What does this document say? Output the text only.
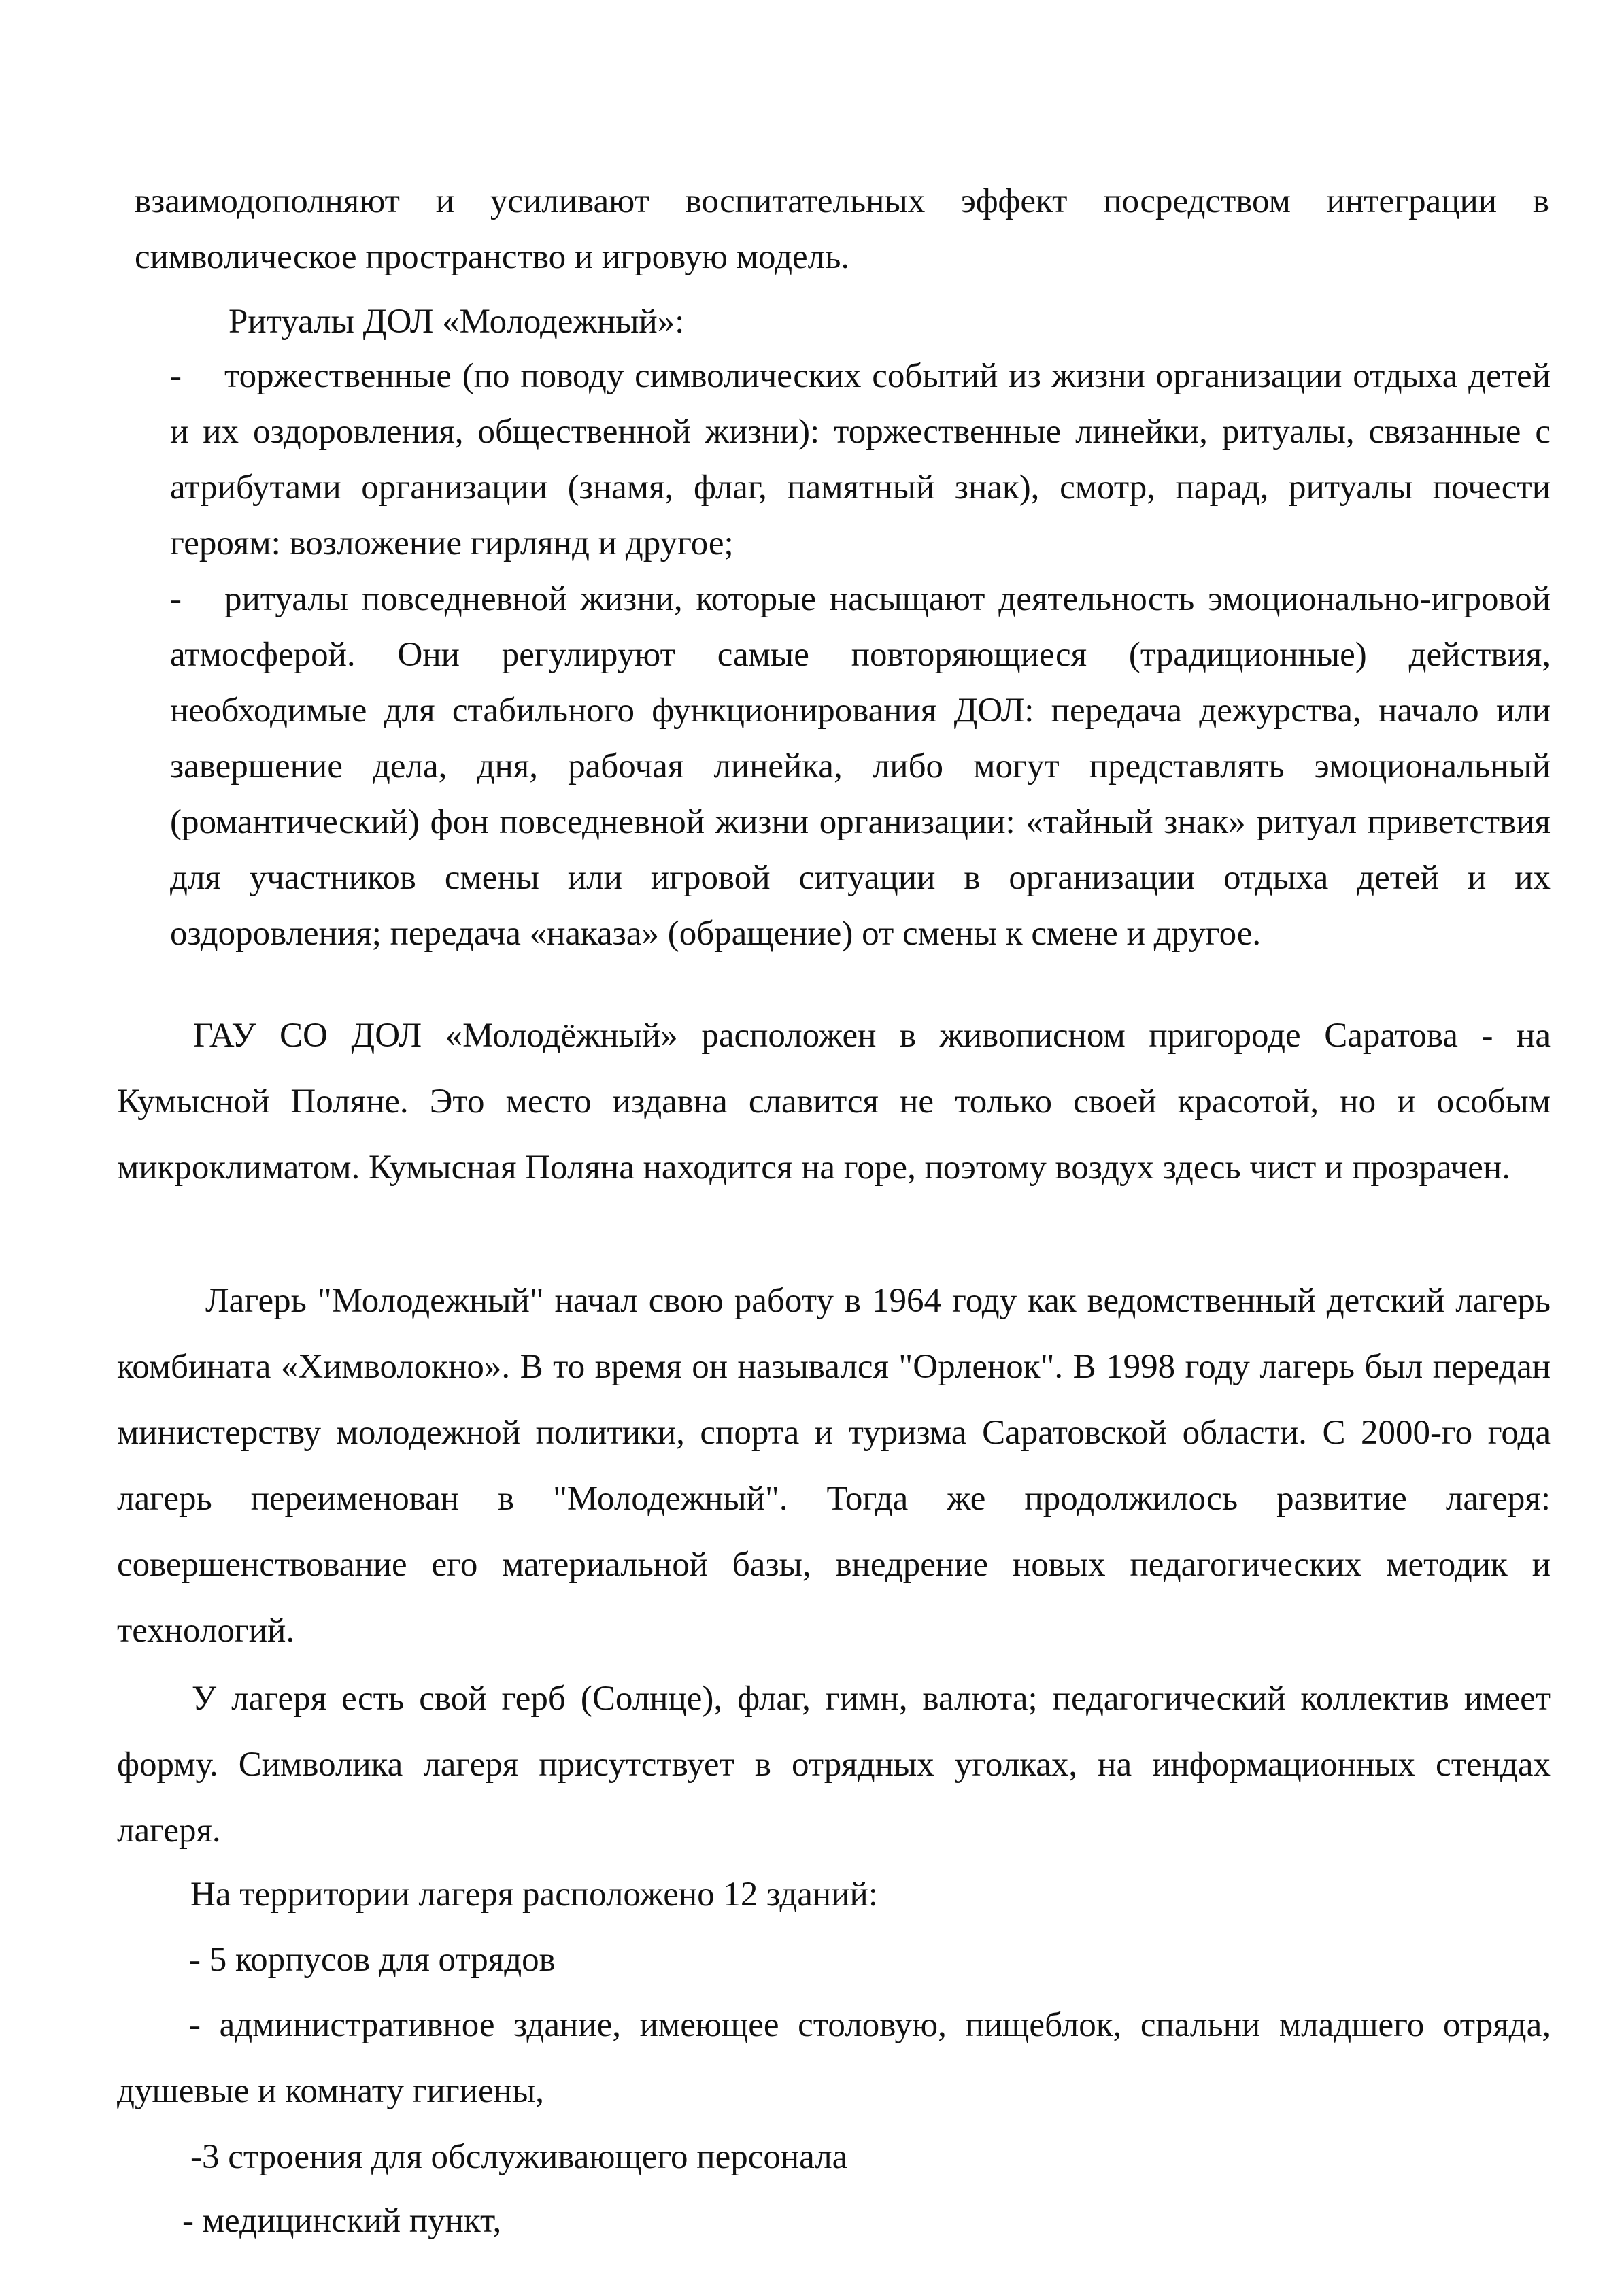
взаимодополняют и усиливают воспитательных эффект посредством интеграции в символическое пространство и игровую модель.

Ритуалы ДОЛ «Молодежный»:

-	торжественные (по поводу символических событий из жизни организации отдыха детей и их оздоровления, общественной жизни): торжественные линейки, ритуалы, связанные с атрибутами организации (знамя, флаг, памятный знак), смотр, парад, ритуалы почести героям: возложение гирлянд и другое;
-	ритуалы повседневной жизни, которые насыщают деятельность эмоционально-игровой атмосферой. Они регулируют самые повторяющиеся (традиционные) действия, необходимые для стабильного функционирования ДОЛ: передача дежурства, начало или завершение дела, дня, рабочая линейка, либо могут представлять эмоциональный (романтический) фон повседневной жизни организации: «тайный знак» ритуал приветствия для участников смены или игровой ситуации в организации отдыха детей и их оздоровления; передача «наказа» (обращение) от смены к смене и другое.

ГАУ СО ДОЛ «Молодёжный» расположен в живописном пригороде Саратова - на Кумысной Поляне. Это место издавна славится не только своей красотой, но и особым микроклиматом. Кумысная Поляна находится на горе, поэтому воздух здесь чист и прозрачен.

Лагерь "Молодежный" начал свою работу в 1964 году как ведомственный детский лагерь комбината «Химволокно». В то время он назывался "Орленок". В 1998 году лагерь был передан министерству молодежной политики, спорта и туризма Саратовской области. С 2000-го года лагерь переименован в "Молодежный". Тогда же продолжилось развитие лагеря: совершенствование его материальной базы, внедрение новых педагогических методик и технологий.

У лагеря есть свой герб (Солнце), флаг, гимн, валюта; педагогический коллектив имеет форму. Символика лагеря присутствует в отрядных уголках, на информационных стендах лагеря.

На территории лагеря расположено 12 зданий:

- 5 корпусов для отрядов

- административное здание, имеющее столовую, пищеблок, спальни младшего отряда, душевые и комнату гигиены,

-3 строения для обслуживающего персонала

- медицинский пункт,
